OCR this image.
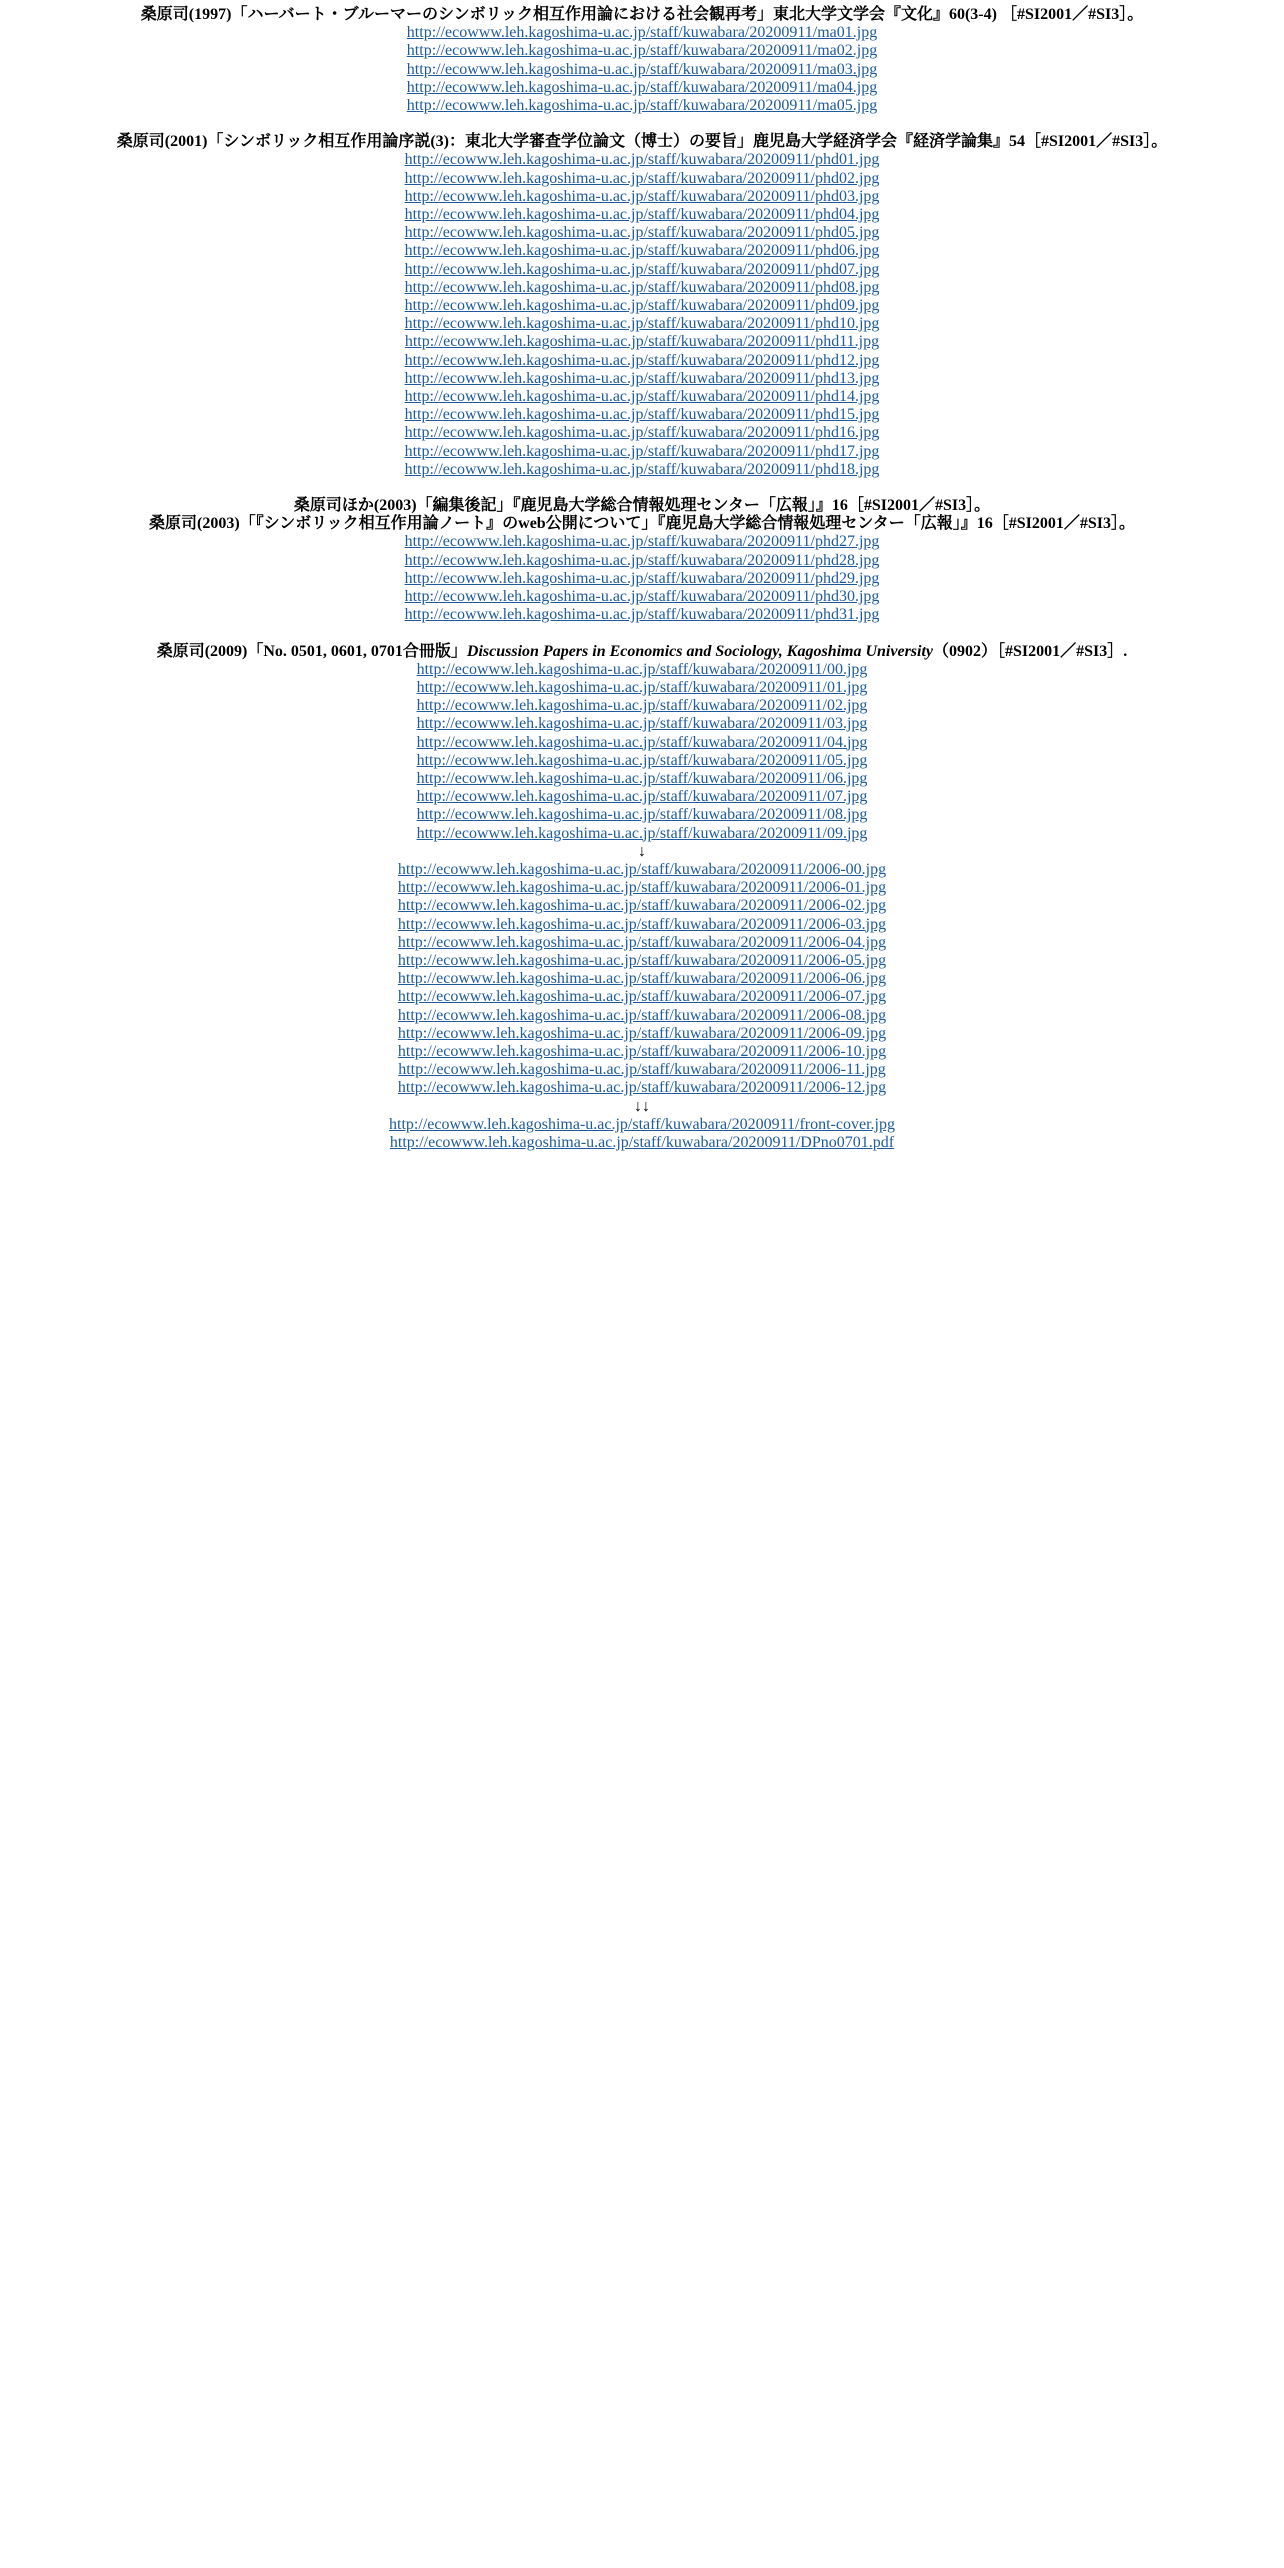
桑原司(1997)「ハーバート・ブルーマーのシンボリック相互作用論における社会観再考」東北大学文学会『文化』60(3-4) ［#SI2001／#SI3］。
http://ecowww.leh.kagoshima-u.ac.jp/staff/kuwabara/20200911/ma01.jpg
http://ecowww.leh.kagoshima-u.ac.jp/staff/kuwabara/20200911/ma02.jpg
http://ecowww.leh.kagoshima-u.ac.jp/staff/kuwabara/20200911/ma03.jpg
http://ecowww.leh.kagoshima-u.ac.jp/staff/kuwabara/20200911/ma04.jpg
http://ecowww.leh.kagoshima-u.ac.jp/staff/kuwabara/20200911/ma05.jpg
桑原司(2001)「シンボリック相互作用論序説(3)：東北大学審査学位論文（博士）の要旨」鹿児島大学経済学会『経済学論集』54［#SI2001／#SI3］。
http://ecowww.leh.kagoshima-u.ac.jp/staff/kuwabara/20200911/phd01.jpg
http://ecowww.leh.kagoshima-u.ac.jp/staff/kuwabara/20200911/phd02.jpg
http://ecowww.leh.kagoshima-u.ac.jp/staff/kuwabara/20200911/phd03.jpg
http://ecowww.leh.kagoshima-u.ac.jp/staff/kuwabara/20200911/phd04.jpg
http://ecowww.leh.kagoshima-u.ac.jp/staff/kuwabara/20200911/phd05.jpg
http://ecowww.leh.kagoshima-u.ac.jp/staff/kuwabara/20200911/phd06.jpg
http://ecowww.leh.kagoshima-u.ac.jp/staff/kuwabara/20200911/phd07.jpg
http://ecowww.leh.kagoshima-u.ac.jp/staff/kuwabara/20200911/phd08.jpg
http://ecowww.leh.kagoshima-u.ac.jp/staff/kuwabara/20200911/phd09.jpg
http://ecowww.leh.kagoshima-u.ac.jp/staff/kuwabara/20200911/phd10.jpg
http://ecowww.leh.kagoshima-u.ac.jp/staff/kuwabara/20200911/phd11.jpg
http://ecowww.leh.kagoshima-u.ac.jp/staff/kuwabara/20200911/phd12.jpg
http://ecowww.leh.kagoshima-u.ac.jp/staff/kuwabara/20200911/phd13.jpg
http://ecowww.leh.kagoshima-u.ac.jp/staff/kuwabara/20200911/phd14.jpg
http://ecowww.leh.kagoshima-u.ac.jp/staff/kuwabara/20200911/phd15.jpg
http://ecowww.leh.kagoshima-u.ac.jp/staff/kuwabara/20200911/phd16.jpg
http://ecowww.leh.kagoshima-u.ac.jp/staff/kuwabara/20200911/phd17.jpg
http://ecowww.leh.kagoshima-u.ac.jp/staff/kuwabara/20200911/phd18.jpg
桑原司ほか(2003)「編集後記」『鹿児島大学総合情報処理センター「広報」』16［#SI2001／#SI3］。
桑原司(2003)「『シンボリック相互作用論ノート』のweb公開について」『鹿児島大学総合情報処理センター「広報」』16［#SI2001／#SI3］。
http://ecowww.leh.kagoshima-u.ac.jp/staff/kuwabara/20200911/phd27.jpg
http://ecowww.leh.kagoshima-u.ac.jp/staff/kuwabara/20200911/phd28.jpg
http://ecowww.leh.kagoshima-u.ac.jp/staff/kuwabara/20200911/phd29.jpg
http://ecowww.leh.kagoshima-u.ac.jp/staff/kuwabara/20200911/phd30.jpg
http://ecowww.leh.kagoshima-u.ac.jp/staff/kuwabara/20200911/phd31.jpg
桑原司(2009)「No. 0501, 0601, 0701合冊版」Discussion Papers in Economics and Sociology, Kagoshima University（0902）［#SI2001／#SI3］.
http://ecowww.leh.kagoshima-u.ac.jp/staff/kuwabara/20200911/00.jpg
http://ecowww.leh.kagoshima-u.ac.jp/staff/kuwabara/20200911/01.jpg
http://ecowww.leh.kagoshima-u.ac.jp/staff/kuwabara/20200911/02.jpg
http://ecowww.leh.kagoshima-u.ac.jp/staff/kuwabara/20200911/03.jpg
http://ecowww.leh.kagoshima-u.ac.jp/staff/kuwabara/20200911/04.jpg
http://ecowww.leh.kagoshima-u.ac.jp/staff/kuwabara/20200911/05.jpg
http://ecowww.leh.kagoshima-u.ac.jp/staff/kuwabara/20200911/06.jpg
http://ecowww.leh.kagoshima-u.ac.jp/staff/kuwabara/20200911/07.jpg
http://ecowww.leh.kagoshima-u.ac.jp/staff/kuwabara/20200911/08.jpg
http://ecowww.leh.kagoshima-u.ac.jp/staff/kuwabara/20200911/09.jpg
↓
http://ecowww.leh.kagoshima-u.ac.jp/staff/kuwabara/20200911/2006-00.jpg
http://ecowww.leh.kagoshima-u.ac.jp/staff/kuwabara/20200911/2006-01.jpg
http://ecowww.leh.kagoshima-u.ac.jp/staff/kuwabara/20200911/2006-02.jpg
http://ecowww.leh.kagoshima-u.ac.jp/staff/kuwabara/20200911/2006-03.jpg
http://ecowww.leh.kagoshima-u.ac.jp/staff/kuwabara/20200911/2006-04.jpg
http://ecowww.leh.kagoshima-u.ac.jp/staff/kuwabara/20200911/2006-05.jpg
http://ecowww.leh.kagoshima-u.ac.jp/staff/kuwabara/20200911/2006-06.jpg
http://ecowww.leh.kagoshima-u.ac.jp/staff/kuwabara/20200911/2006-07.jpg
http://ecowww.leh.kagoshima-u.ac.jp/staff/kuwabara/20200911/2006-08.jpg
http://ecowww.leh.kagoshima-u.ac.jp/staff/kuwabara/20200911/2006-09.jpg
http://ecowww.leh.kagoshima-u.ac.jp/staff/kuwabara/20200911/2006-10.jpg
http://ecowww.leh.kagoshima-u.ac.jp/staff/kuwabara/20200911/2006-11.jpg
http://ecowww.leh.kagoshima-u.ac.jp/staff/kuwabara/20200911/2006-12.jpg
↓↓
http://ecowww.leh.kagoshima-u.ac.jp/staff/kuwabara/20200911/front-cover.jpg
http://ecowww.leh.kagoshima-u.ac.jp/staff/kuwabara/20200911/DPno0701.pdf
